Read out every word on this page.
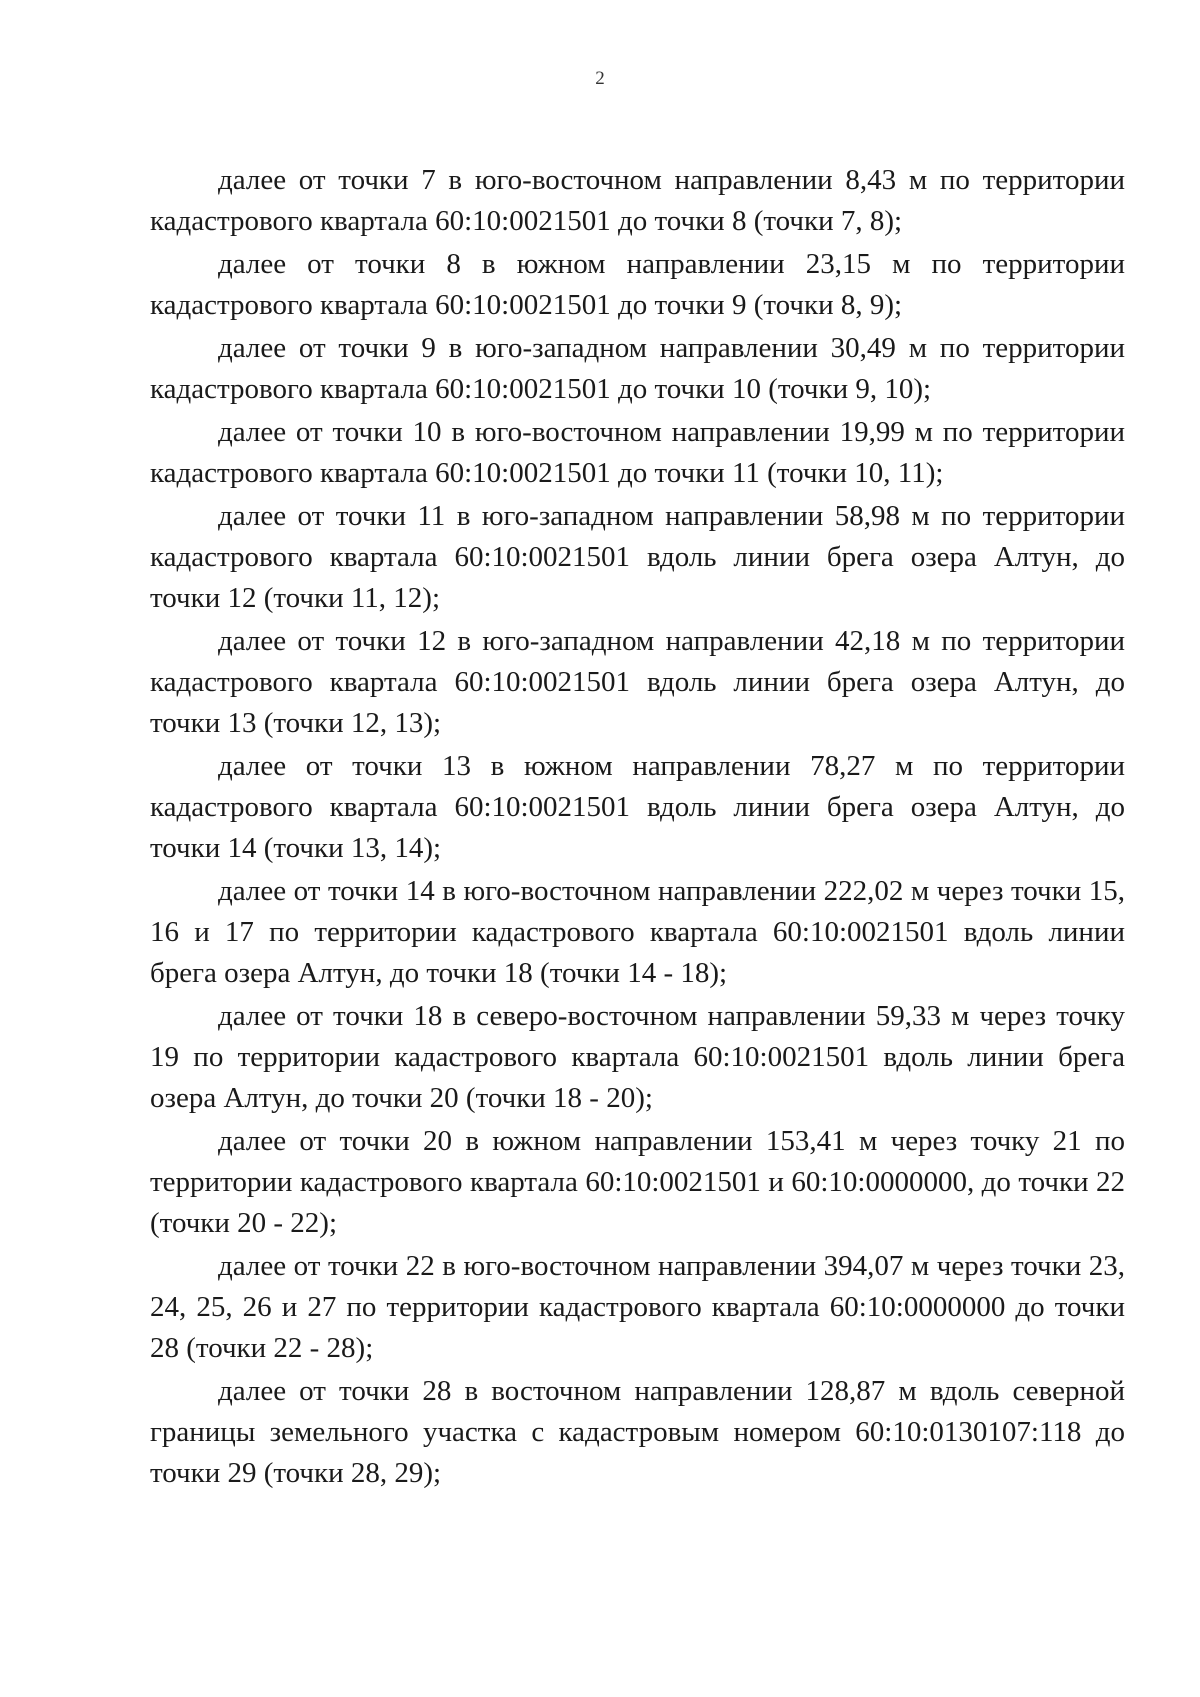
2

далее от точки 7 в юго-восточном направлении 8,43 м по территории кадастрового квартала 60:10:0021501 до точки 8 (точки 7, 8);

далее от точки 8 в южном направлении 23,15 м по территории кадастрового квартала 60:10:0021501 до точки 9 (точки 8, 9);

далее от точки 9 в юго-западном направлении 30,49 м по территории кадастрового квартала 60:10:0021501 до точки 10 (точки 9, 10);

далее от точки 10 в юго-восточном направлении 19,99 м по территории кадастрового квартала 60:10:0021501 до точки 11 (точки 10, 11);

далее от точки 11 в юго-западном направлении 58,98 м по территории кадастрового квартала 60:10:0021501 вдоль линии брега озера Алтун, до точки 12 (точки 11, 12);

далее от точки 12 в юго-западном направлении 42,18 м по территории кадастрового квартала 60:10:0021501 вдоль линии брега озера Алтун, до точки 13 (точки 12, 13);

далее от точки 13 в южном направлении 78,27 м по территории кадастрового квартала 60:10:0021501 вдоль линии брега озера Алтун, до точки 14 (точки 13, 14);

далее от точки 14 в юго-восточном направлении 222,02 м через точки 15, 16 и 17 по территории кадастрового квартала 60:10:0021501 вдоль линии брега озера Алтун, до точки 18 (точки 14 - 18);

далее от точки 18 в северо-восточном направлении 59,33 м через точку 19 по территории кадастрового квартала 60:10:0021501 вдоль линии брега озера Алтун, до точки 20 (точки 18 - 20);

далее от точки 20 в южном направлении 153,41 м через точку 21 по территории кадастрового квартала 60:10:0021501 и 60:10:0000000, до точки 22 (точки 20 - 22);

далее от точки 22 в юго-восточном направлении 394,07 м через точки 23, 24, 25, 26 и 27 по территории кадастрового квартала 60:10:0000000 до точки 28 (точки 22 - 28);

далее от точки 28 в восточном направлении 128,87 м вдоль северной границы земельного участка с кадастровым номером 60:10:0130107:118 до точки 29 (точки 28, 29);
